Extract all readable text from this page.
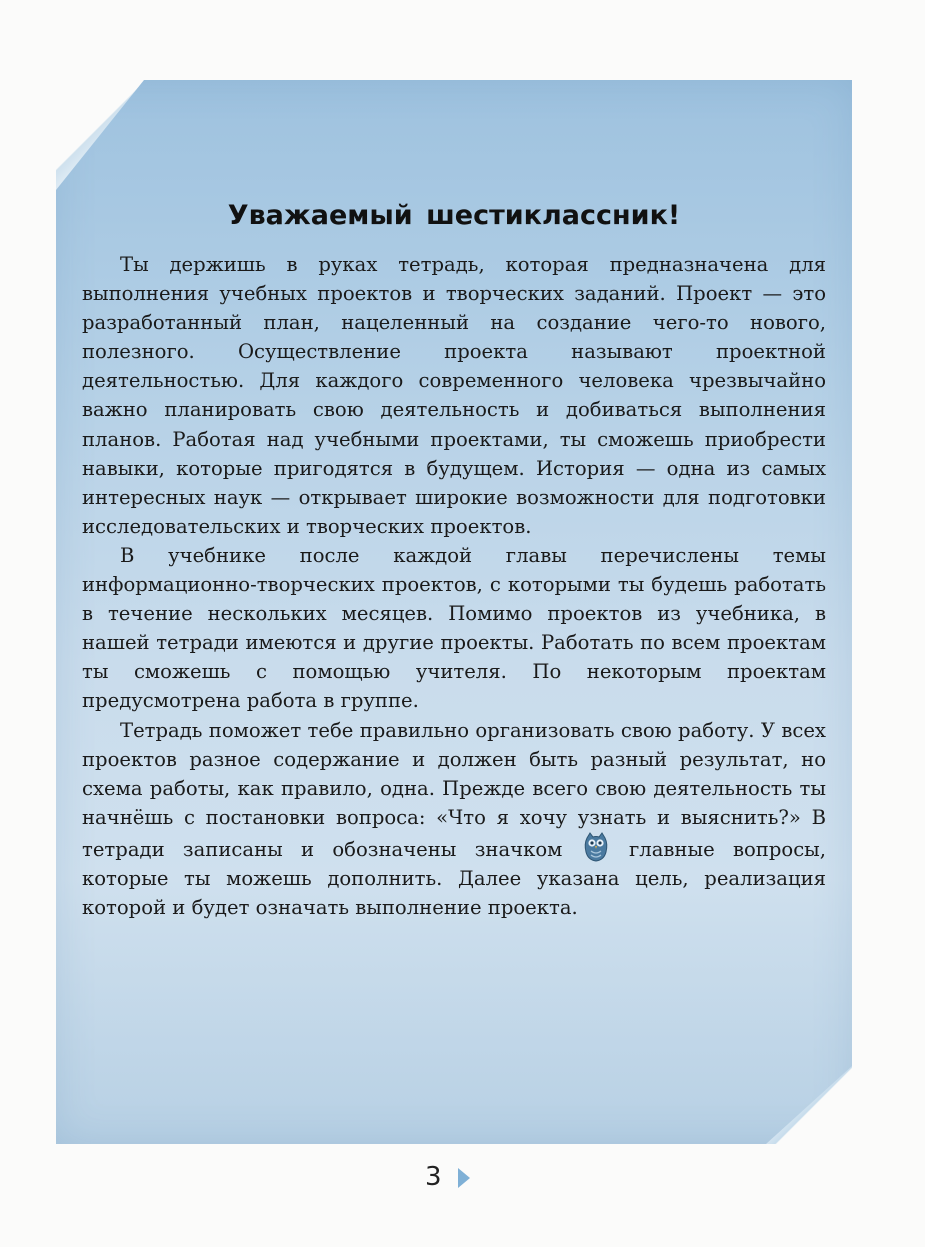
Уважаемый шестиклассник!

Ты держишь в руках тетрадь, которая предназначена для выполнения учебных проектов и творческих заданий. Проект — это разработанный план, нацеленный на создание чего-то нового, полезного. Осуществление проекта называют проектной деятельностью. Для каждого современного человека чрезвычайно важно планировать свою деятельность и добиваться выполнения планов. Работая над учебными проектами, ты сможешь приобрести навыки, которые пригодятся в будущем. История — одна из самых интересных наук — открывает широкие возможности для подготовки исследовательских и творческих проектов.

В учебнике после каждой главы перечислены темы информационно-творческих проектов, с которыми ты будешь работать в течение нескольких месяцев. Помимо проектов из учебника, в нашей тетради имеются и другие проекты. Работать по всем проектам ты сможешь с помощью учителя. По некоторым проектам предусмотрена работа в группе.

Тетрадь поможет тебе правильно организовать свою работу. У всех проектов разное содержание и должен быть разный результат, но схема работы, как правило, одна. Прежде всего свою деятельность ты начнёшь с постановки вопроса: «Что я хочу узнать и выяснить?» В тетради записаны и обозначены значком	главные вопросы, которые ты можешь дополнить. Далее указана цель, реализация которой и будет означать выполнение проекта.

3
